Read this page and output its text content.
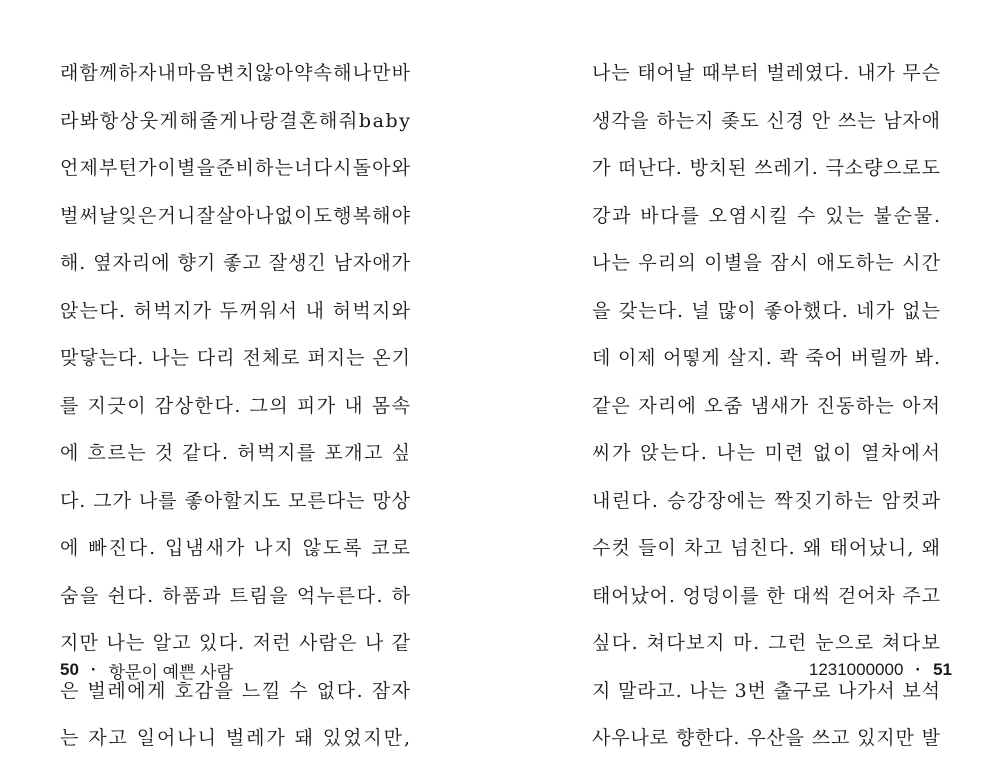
래함께하자내마음변치않아약속해나만바
라봐항상웃게해줄게나랑결혼해줘baby
언제부턴가이별을준비하는너다시돌아와
벌써날잊은거니잘살아나없이도행복해야
해. 옆자리에 향기 좋고 잘생긴 남자애가
앉는다. 허벅지가 두꺼워서 내 허벅지와
맞닿는다. 나는 다리 전체로 퍼지는 온기
를 지긋이 감상한다. 그의 피가 내 몸속
에 흐르는 것 같다. 허벅지를 포개고 싶
다. 그가 나를 좋아할지도 모른다는 망상
에 빠진다. 입냄새가 나지 않도록 코로
숨을 쉰다. 하품과 트림을 억누른다. 하
지만 나는 알고 있다. 저런 사람은 나 같
은 벌레에게 호감을 느낄 수 없다. 잠자
는 자고 일어나니 벌레가 돼 있었지만,
나는 태어날 때부터 벌레였다. 내가 무슨
생각을 하는지 좆도 신경 안 쓰는 남자애
가 떠난다. 방치된 쓰레기. 극소량으로도
강과 바다를 오염시킬 수 있는 불순물.
나는 우리의 이별을 잠시 애도하는 시간
을 갖는다. 널 많이 좋아했다. 네가 없는
데 이제 어떻게 살지. 콱 죽어 버릴까 봐.
같은 자리에 오줌 냄새가 진동하는 아저
씨가 앉는다. 나는 미련 없이 열차에서
내린다. 승강장에는 짝짓기하는 암컷과
수컷 들이 차고 넘친다. 왜 태어났니, 왜
태어났어. 엉덩이를 한 대씩 걷어차 주고
싶다. 쳐다보지 마. 그런 눈으로 쳐다보
지 말라고. 나는 3번 출구로 나가서 보석
사우나로 향한다. 우산을 쓰고 있지만 발
50 · 항문이 예쁜 사람	1231000000 · 51
